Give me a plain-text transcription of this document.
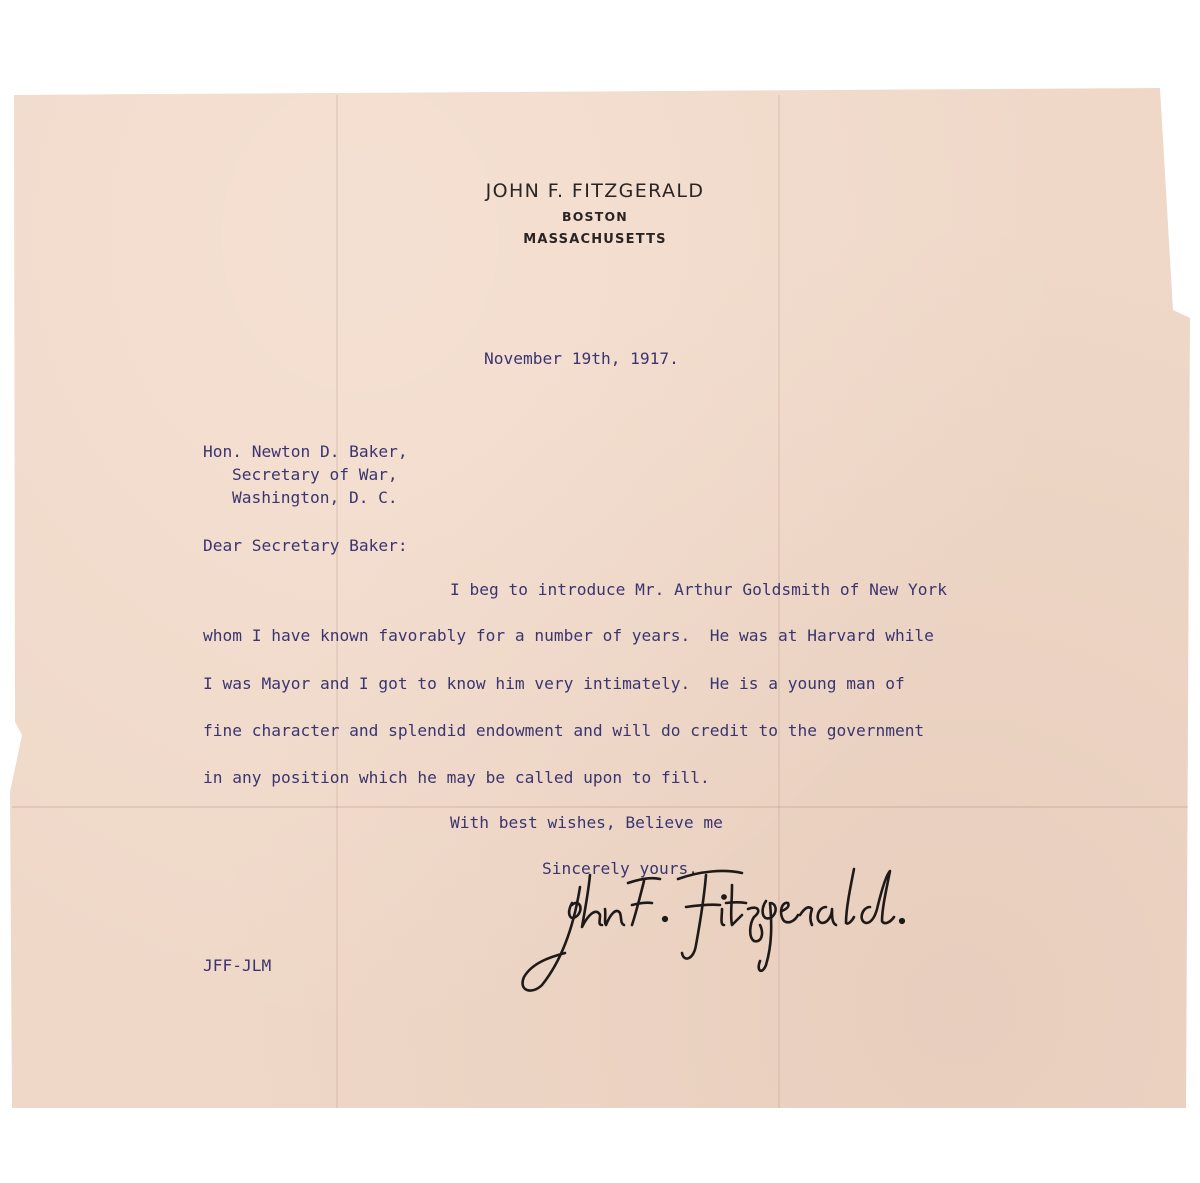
JOHN F. FITZGERALD
BOSTON
MASSACHUSETTS
November 19th, 1917.
Hon. Newton D. Baker,
Secretary of War,
Washington, D. C.
Dear Secretary Baker:
I beg to introduce Mr. Arthur Goldsmith of New York
whom I have known favorably for a number of years.  He was at Harvard while
I was Mayor and I got to know him very intimately.  He is a young man of
fine character and splendid endowment and will do credit to the government
in any position which he may be called upon to fill.
With best wishes, Believe me
Sincerely yours,
JFF-JLM
